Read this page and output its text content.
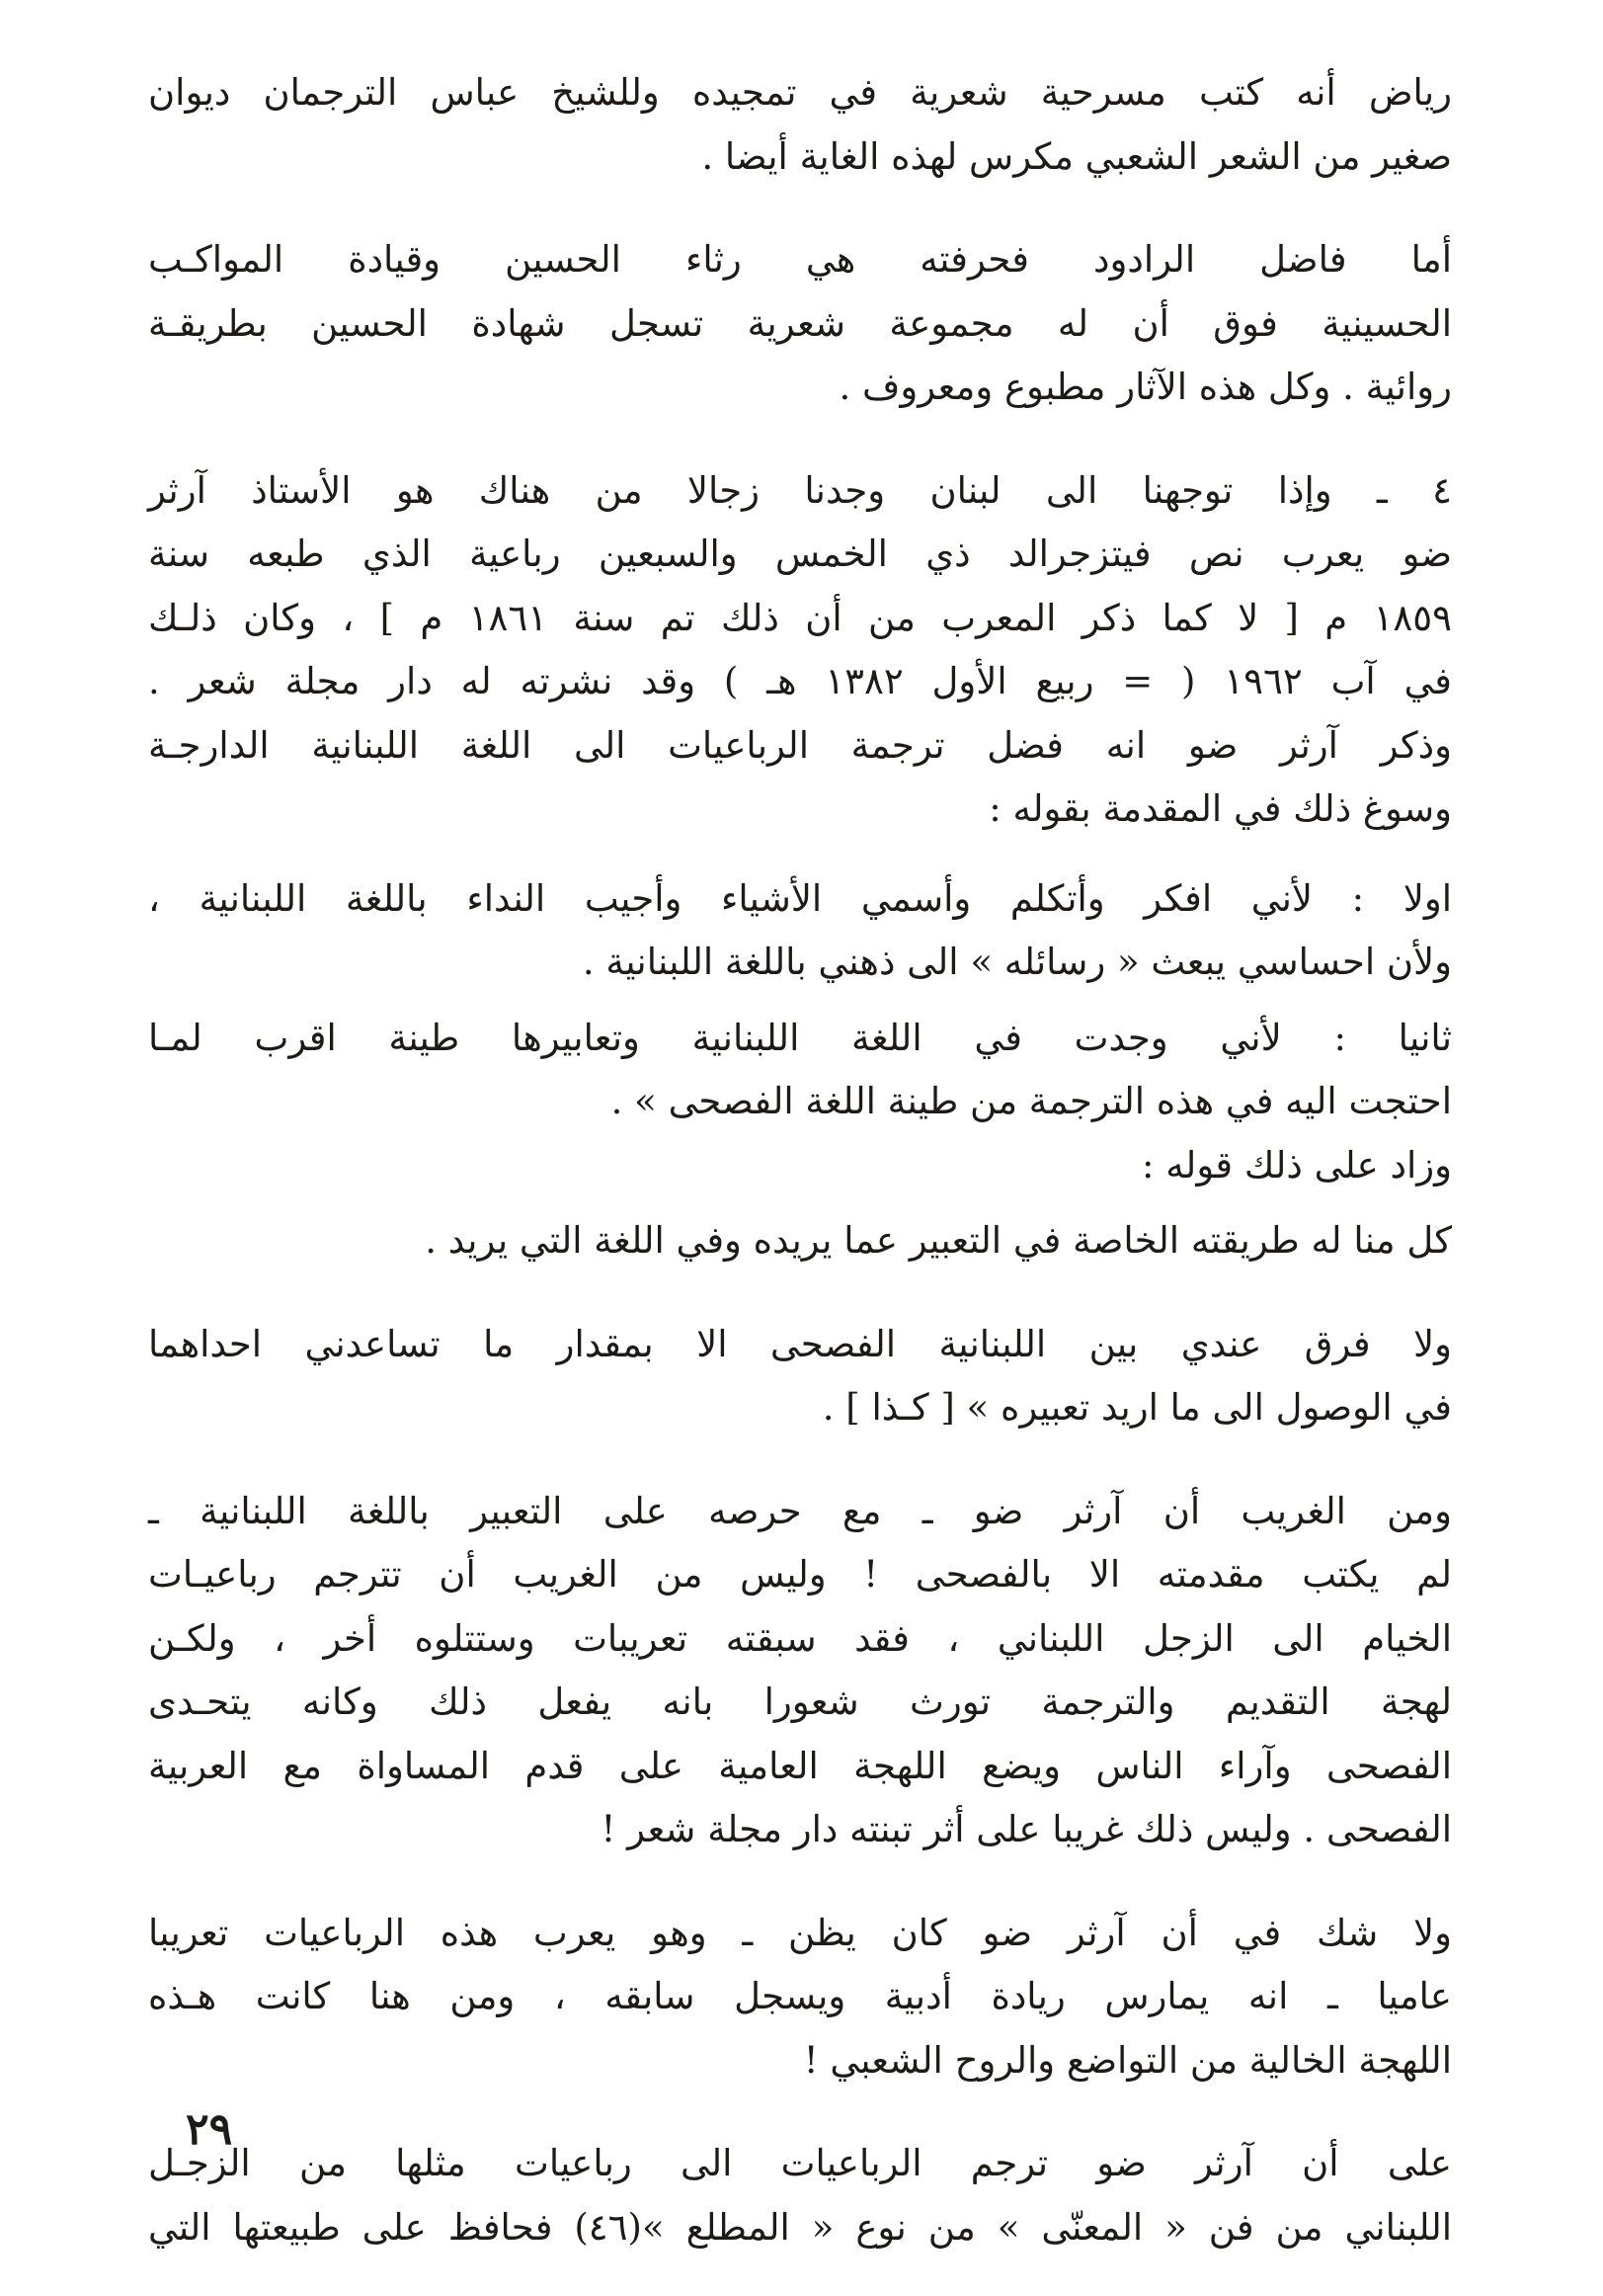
رياض أنه كتب مسرحية شعرية في تمجيده وللشيخ عباس الترجمان ديوان
صغير من الشعر الشعبي مكرس لهذه الغاية أيضا .

أما فاضل الرادود فحرفته هي رثاء الحسين وقيادة المواكـب
الحسينية فوق أن له مجموعة شعرية تسجل شهادة الحسين بطريقـة
روائية . وكل هذه الآثار مطبوع ومعروف .

٤ ـ وإذا توجهنا الى لبنان وجدنا زجالا من هناك هو الأستاذ آرثر
ضو يعرب نص فيتزجرالد ذي الخمس والسبعين رباعية الذي طبعه سنة
١٨٥٩ م [ لا كما ذكر المعرب من أن ذلك تم سنة ١٨٦١ م ] ، وكان ذلـك
في آب ١٩٦٢ ( = ربيع الأول ١٣٨٢ هـ ) وقد نشرته له دار مجلة شعر .
وذكر آرثر ضو انه فضل ترجمة الرباعيات الى اللغة اللبنانية الدارجـة
وسوغ ذلك في المقدمة بقوله :

اولا : لأني افكر وأتكلم وأسمي الأشياء وأجيب النداء باللغة اللبنانية ،
ولأن احساسي يبعث « رسائله » الى ذهني باللغة اللبنانية .

ثانيا : لأني وجدت في اللغة اللبنانية وتعابيرها طينة اقرب لمـا
احتجت اليه في هذه الترجمة من طينة اللغة الفصحى » .

وزاد على ذلك قوله :

كل منا له طريقته الخاصة في التعبير عما يريده وفي اللغة التي يريد .

ولا فرق عندي بين اللبنانية الفصحى الا بمقدار ما تساعدني احداهما
في الوصول الى ما اريد تعبيره » [ كـذا ] .

ومن الغريب أن آرثر ضو ـ مع حرصه على التعبير باللغة اللبنانية ـ
لم يكتب مقدمته الا بالفصحى ! وليس من الغريب أن تترجم رباعيـات
الخيام الى الزجل اللبناني ، فقد سبقته تعريبات وستتلوه أخر ، ولكـن
لهجة التقديم والترجمة تورث شعورا بانه يفعل ذلك وكانه يتحـدى
الفصحى وآراء الناس ويضع اللهجة العامية على قدم المساواة مع العربية
الفصحى . وليس ذلك غريبا على أثر تبنته دار مجلة شعر !

ولا شك في أن آرثر ضو كان يظن ـ وهو يعرب هذه الرباعيات تعريبا
عاميا ـ انه يمارس ريادة أدبية ويسجل سابقه ، ومن هنا كانت هـذه
اللهجة الخالية من التواضع والروح الشعبي !

على أن آرثر ضو ترجم الرباعيات الى رباعيات مثلها من الزجـل
اللبناني من فن « المعنّى » من نوع « المطلع »(٤٦) فحافظ على طبيعتها التي

٢٩
